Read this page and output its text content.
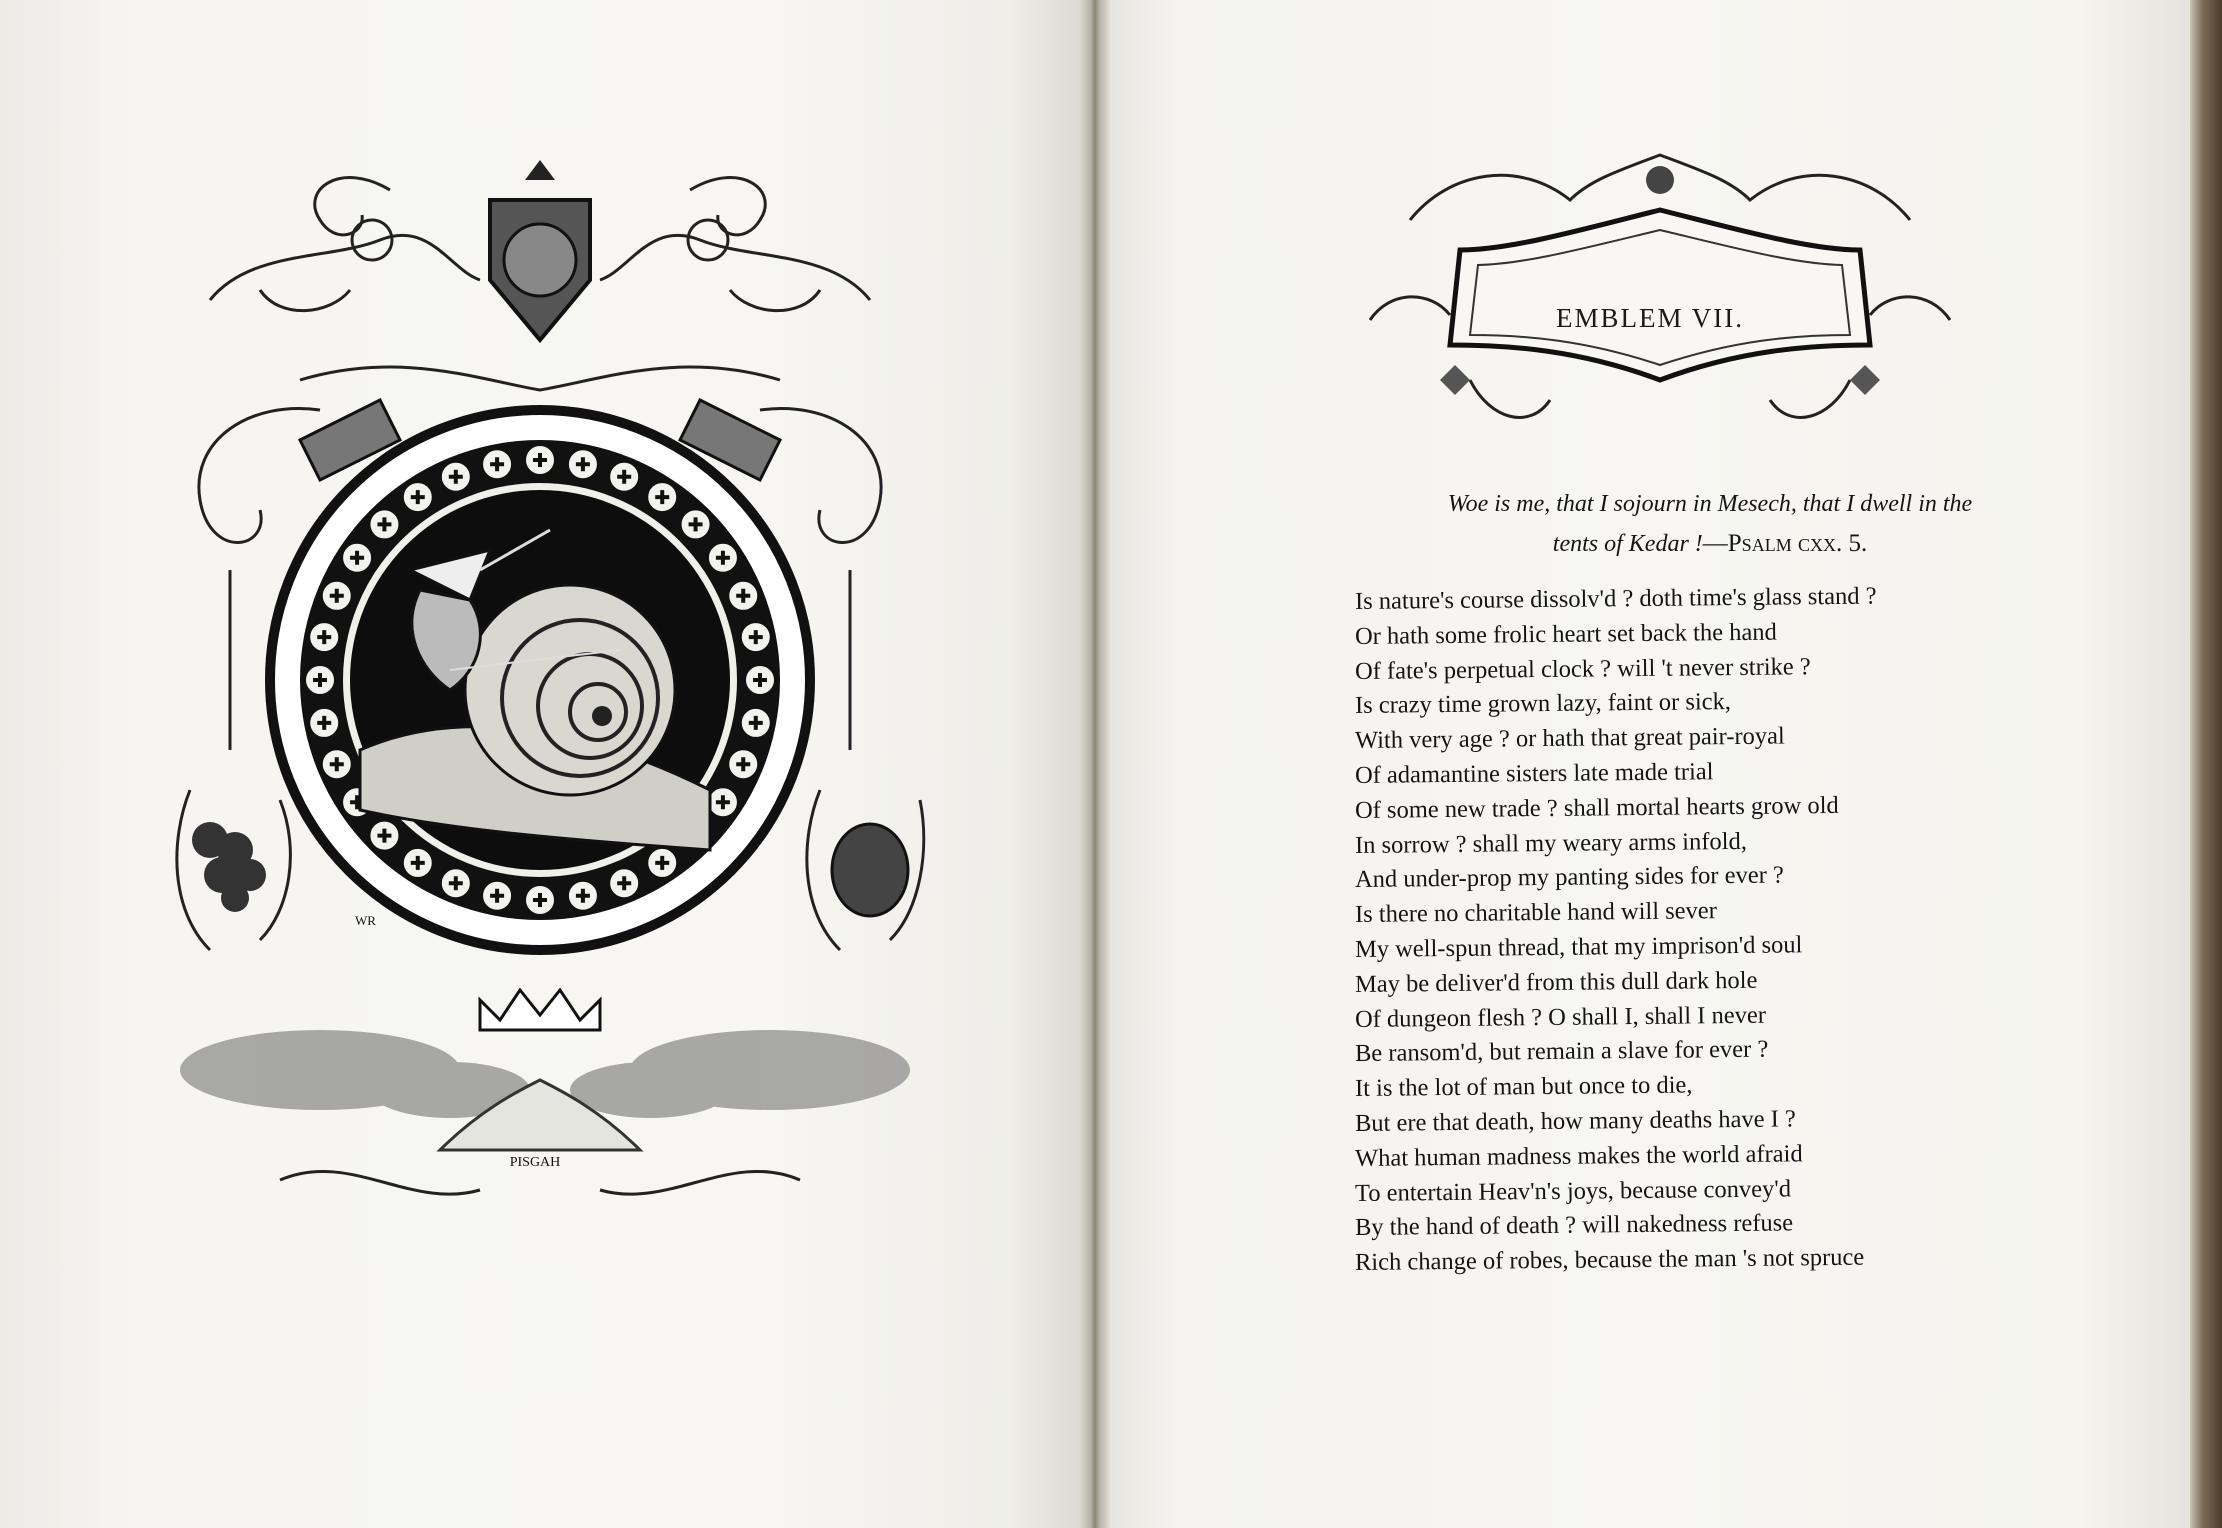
PISGAH
WR
EMBLEM VII.
Woe is me, that I sojourn in Mesech, that I dwell in the
tents of Kedar !—Psalm cxx. 5.
Is nature's course dissolv'd ? doth time's glass stand ?
Or hath some frolic heart set back the hand
Of fate's perpetual clock ? will 't never strike ?
Is crazy time grown lazy, faint or sick,
With very age ? or hath that great pair-royal
Of adamantine sisters late made trial
Of some new trade ? shall mortal hearts grow old
In sorrow ? shall my weary arms infold,
And under-prop my panting sides for ever ?
Is there no charitable hand will sever
My well-spun thread, that my imprison'd soul
May be deliver'd from this dull dark hole
Of dungeon flesh ? O shall I, shall I never
Be ransom'd, but remain a slave for ever ?
It is the lot of man but once to die,
But ere that death, how many deaths have I ?
What human madness makes the world afraid
To entertain Heav'n's joys, because convey'd
By the hand of death ? will nakedness refuse
Rich change of robes, because the man 's not spruce
